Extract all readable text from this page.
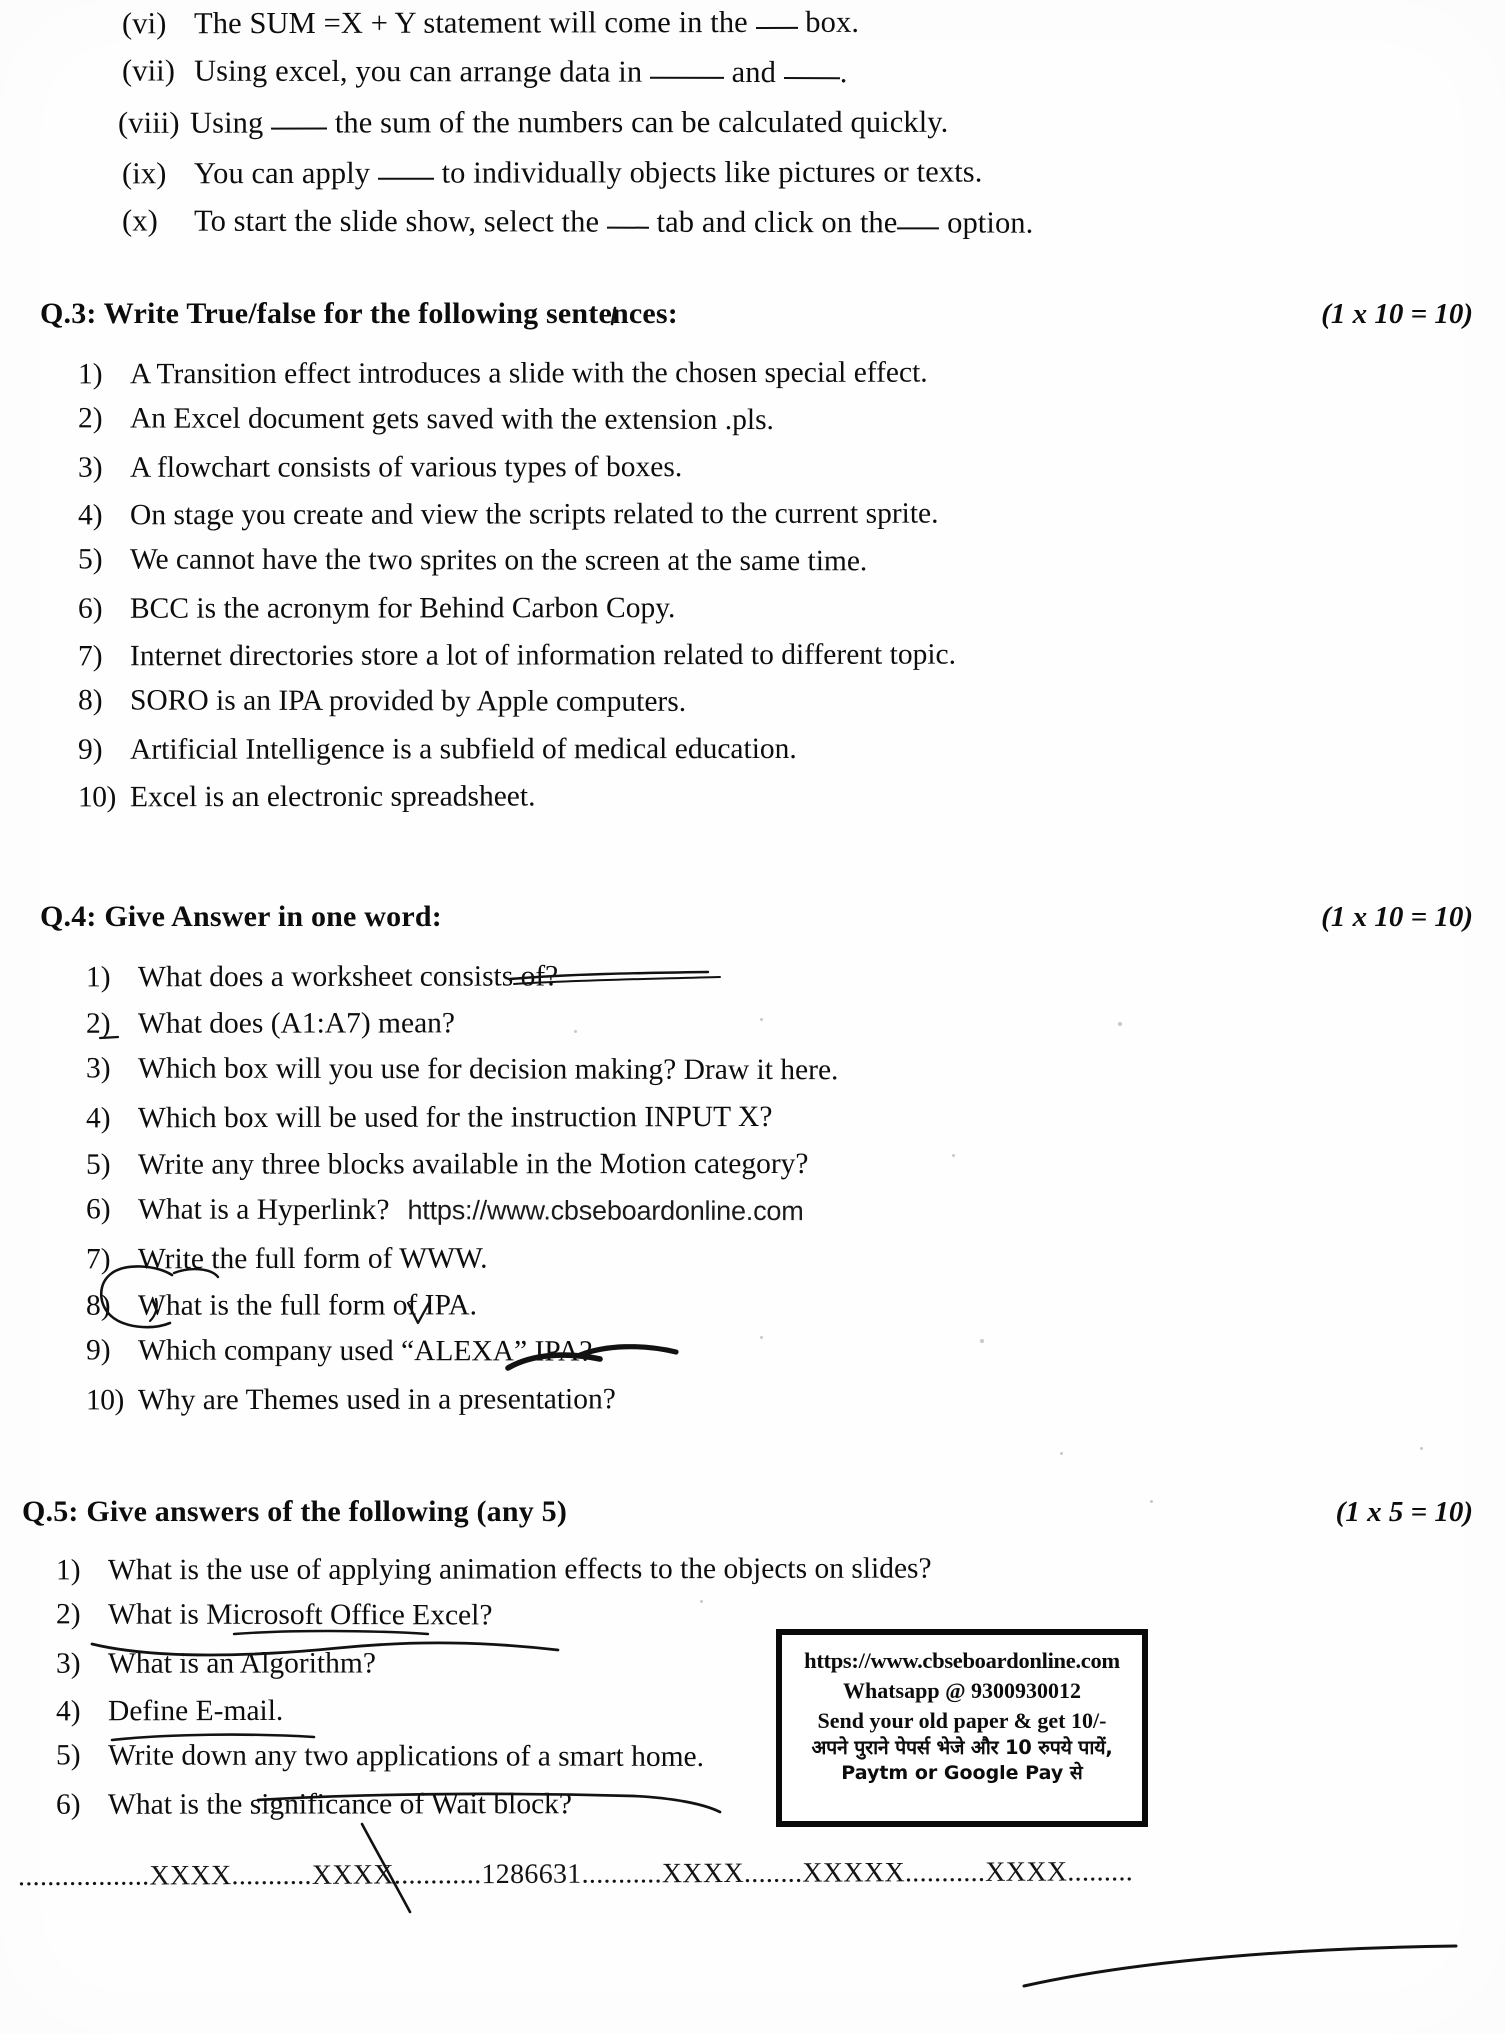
(vi) The SUM =X + Y statement will come in the  box.
(vii) Using excel, you can arrange data in  and .
(viii) Using  the sum of the numbers can be calculated quickly.
(ix) You can apply  to individually objects like pictures or texts.
(x)	To start the slide show, select the  tab and click on the option.
Q.3: Write True/false for the following sentences:	(1 x 10 = 10)
1) A Transition effect introduces a slide with the chosen special effect.
2) An Excel document gets saved with the extension .pls.
3) A flowchart consists of various types of boxes.
4) On stage you create and view the scripts related to the current sprite.
5) We cannot have the two sprites on the screen at the same time.
6) BCC is the acronym for Behind Carbon Copy.
7) Internet directories store a lot of information related to different topic.
8) SORO is an IPA provided by Apple computers.
9) Artificial Intelligence is a subfield of medical education.
10) Excel is an electronic spreadsheet.
Q.4: Give Answer in one word:	(1 x 10 = 10)
1) What does a worksheet consists of?
2) What does (A1:A7) mean?
3) Which box will you use for decision making? Draw it here.
4) Which box will be used for the instruction INPUT X?
5) Write any three blocks available in the Motion category?
6) What is a Hyperlink? https://www.cbseboardonline.com
7) Write the full form of WWW.
8) What is the full form of IPA.
9) Which company used “ALEXA” IPA?
10) Why are Themes used in a presentation?
Q.5: Give answers of the following (any 5)	(1 x 5 = 10)
1) What is the use of applying animation effects to the objects on slides?
2) What is Microsoft Office Excel?
3) What is an Algorithm?
4) Define E-mail.
5) Write down any two applications of a smart home.
6) What is the significance of Wait block?
https://www.cbseboardonline.com
Whatsapp @ 9300930012
Send your old paper & get 10/-
अपने पुराने पेपर्स भेजे और 10 रुपये पायें,
Paytm or Google Pay से
..................XXXX...........XXXX............1286631...........XXXX........XXXXX...........XXXX.........
